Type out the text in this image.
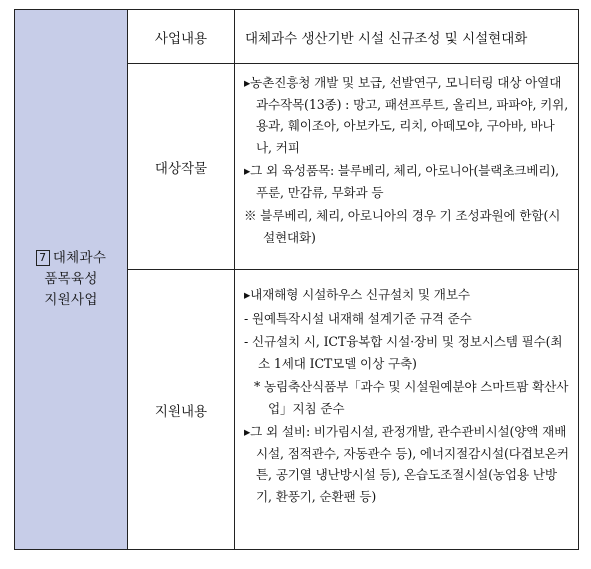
7 대체과수
품목육성
지원사업
사업내용	대체과수 생산기반 시설 신규조성 및 시설현대화
대상작물

▸농촌진흥청 개발 및 보급, 선발연구, 모니터링 대상 아열대 과수작목(13종) : 망고, 패션프루트, 올리브, 파파야, 키위, 용과, 훼이조아, 아보카도, 리치, 아떼모야, 구아바, 바나나, 커피

▸그 외 육성품목: 블루베리, 체리, 아로니아(블랙초크베리), 푸룬, 만감류, 무화과 등

※ 블루베리, 체리, 아로니아의 경우 기 조성과원에 한함(시설현대화)

지원내용

▸내재해형 시설하우스 신규설치 및 개보수

- 원예특작시설 내재해 설계기준 규격 준수

- 신규설치 시, ICT융복합 시설·장비 및 정보시스템 필수(최소 1세대 ICT모델 이상 구축)

* 농림축산식품부「과수 및 시설원예분야 스마트팜 확산사업」지침 준수

▸그 외 설비: 비가림시설, 관정개발, 관수관비시설(양액 재배시설, 점적관수, 자동관수 등), 에너지절감시설(다겹보온커튼, 공기열 냉난방시설 등), 온습도조절시설(농업용 난방기, 환풍기, 순환팬 등)
